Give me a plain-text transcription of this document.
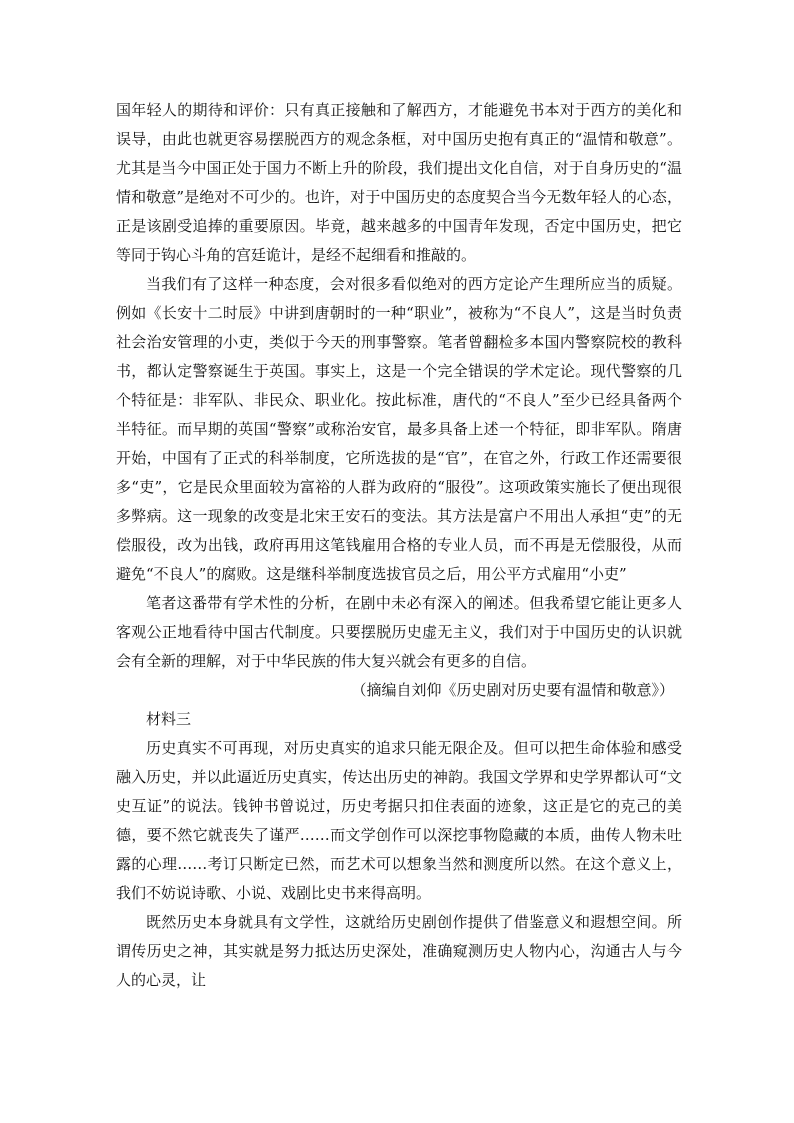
国年轻人的期待和评价：只有真正接触和了解西方，才能避免书本对于西方的美化和误导，由此也就更容易摆脱西方的观念条框，对中国历史抱有真正的“温情和敬意”。尤其是当今中国正处于国力不断上升的阶段，我们提出文化自信，对于自身历史的“温情和敬意”是绝对不可少的。也许，对于中国历史的态度契合当今无数年轻人的心态，正是该剧受追捧的重要原因。毕竟，越来越多的中国青年发现，否定中国历史，把它等同于钩心斗角的宫廷诡计，是经不起细看和推敲的。

当我们有了这样一种态度，会对很多看似绝对的西方定论产生理所应当的质疑。例如《长安十二时辰》中讲到唐朝时的一种“职业”，被称为“不良人”，这是当时负责社会治安管理的小吏，类似于今天的刑事警察。笔者曾翻检多本国内警察院校的教科书，都认定警察诞生于英国。事实上，这是一个完全错误的学术定论。现代警察的几个特征是：非军队、非民众、职业化。按此标准，唐代的“不良人”至少已经具备两个半特征。而早期的英国“警察”或称治安官，最多具备上述一个特征，即非军队。隋唐开始，中国有了正式的科举制度，它所选拔的是“官”，在官之外，行政工作还需要很多“吏”，它是民众里面较为富裕的人群为政府的“服役”。这项政策实施长了便出现很多弊病。这一现象的改变是北宋王安石的变法。其方法是富户不用出人承担“吏”的无偿服役，改为出钱，政府再用这笔钱雇用合格的专业人员，而不再是无偿服役，从而避免“不良人”的腐败。这是继科举制度选拔官员之后，用公平方式雇用“小吏”

笔者这番带有学术性的分析，在剧中未必有深入的阐述。但我希望它能让更多人客观公正地看待中国古代制度。只要摆脱历史虚无主义，我们对于中国历史的认识就会有全新的理解，对于中华民族的伟大复兴就会有更多的自信。

（摘编自刘仰《历史剧对历史要有温情和敬意》）

材料三

历史真实不可再现，对历史真实的追求只能无限企及。但可以把生命体验和感受融入历史，并以此逼近历史真实，传达出历史的神韵。我国文学界和史学界都认可“文史互证”的说法。钱钟书曾说过，历史考据只扣住表面的迹象，这正是它的克己的美德，要不然它就丧失了谨严……而文学创作可以深挖事物隐藏的本质，曲传人物未吐露的心理……考订只断定已然，而艺术可以想象当然和测度所以然。在这个意义上，我们不妨说诗歌、小说、戏剧比史书来得高明。

既然历史本身就具有文学性，这就给历史剧创作提供了借鉴意义和遐想空间。所谓传历史之神，其实就是努力抵达历史深处，准确窥测历史人物内心，沟通古人与今人的心灵，让
